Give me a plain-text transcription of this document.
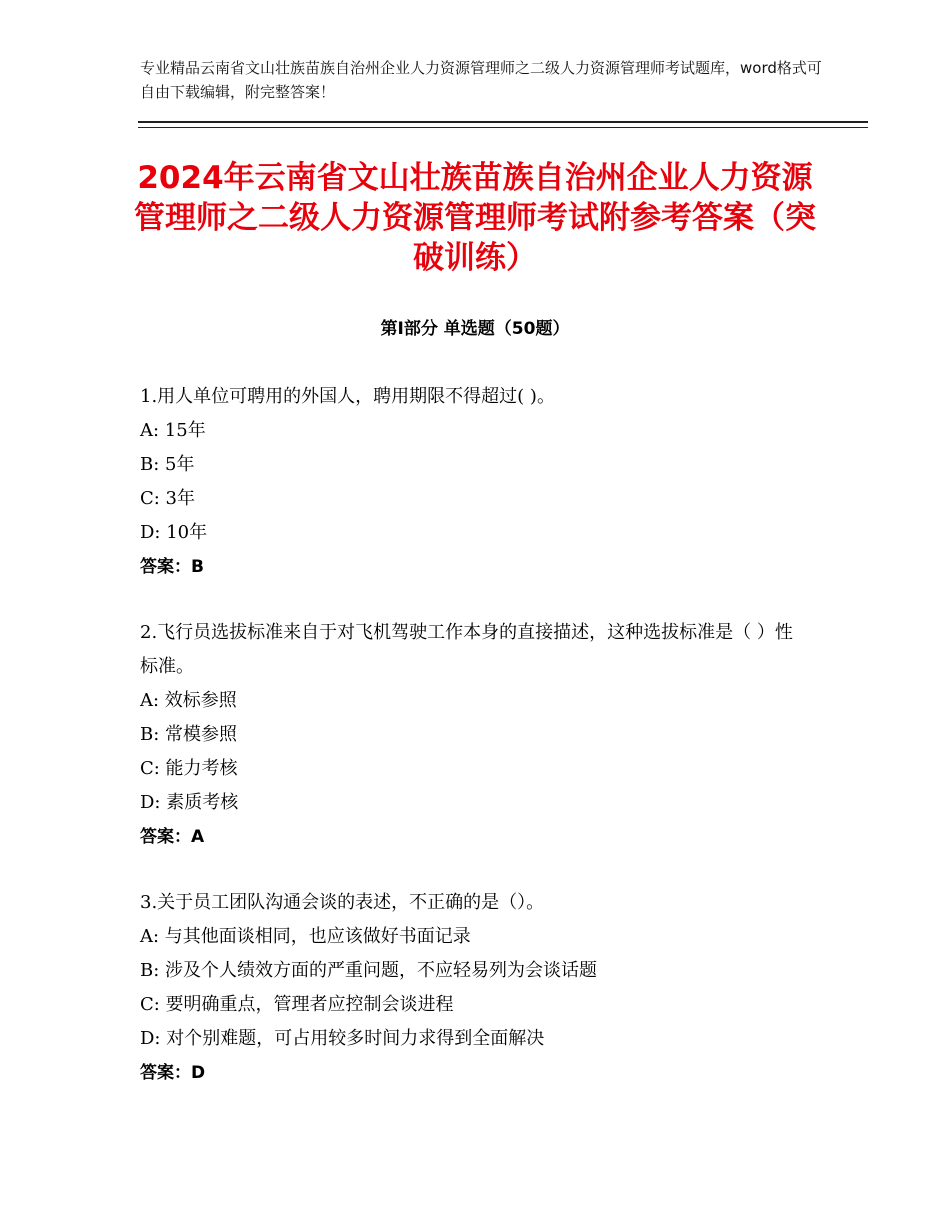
专业精品云南省文山壮族苗族自治州企业人力资源管理师之二级人力资源管理师考试题库，word格式可自由下载编辑，附完整答案！
2024年云南省文山壮族苗族自治州企业人力资源管理师之二级人力资源管理师考试附参考答案（突破训练）
第Ⅰ部分 单选题（50题）
1.用人单位可聘用的外国人，聘用期限不得超过( )。
A: 15年
B: 5年
C: 3年
D: 10年
答案：B
2.飞行员选拔标准来自于对飞机驾驶工作本身的直接描述，这种选拔标准是（ ）性标准。
A: 效标参照
B: 常模参照
C: 能力考核
D: 素质考核
答案：A
3.关于员工团队沟通会谈的表述，不正确的是（）。
A: 与其他面谈相同，也应该做好书面记录
B: 涉及个人绩效方面的严重问题，不应轻易列为会谈话题
C: 要明确重点，管理者应控制会谈进程
D: 对个别难题，可占用较多时间力求得到全面解决
答案：D
